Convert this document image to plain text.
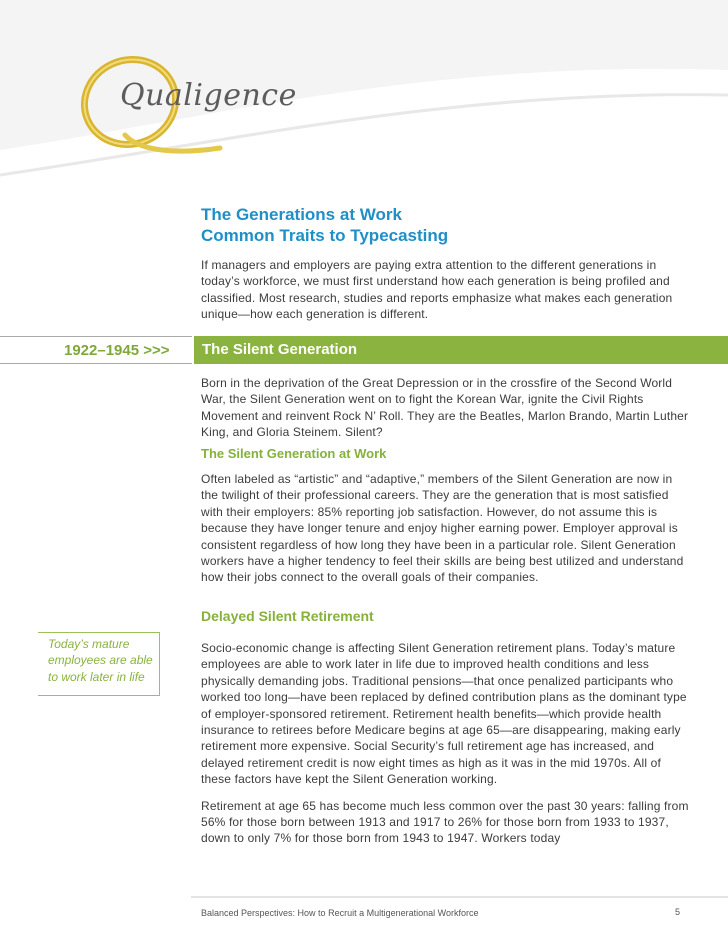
Qualigence
The Generations at Work
Common Traits to Typecasting

If managers and employers are paying extra attention to the different generations in today’s workforce, we must first understand how each generation is being profiled and classified. Most research, studies and reports emphasize what makes each generation unique—how each generation is different.

1922–1945 >>> The Silent Generation

Born in the deprivation of the Great Depression or in the crossfire of the Second World War, the Silent Generation went on to fight the Korean War, ignite the Civil Rights Movement and reinvent Rock N’ Roll. They are the Beatles, Marlon Brando, Martin Luther King, and Gloria Steinem. Silent?

The Silent Generation at Work

Often labeled as “artistic” and “adaptive,” members of the Silent Generation are now in the twilight of their professional careers. They are the generation that is most satisfied with their employers: 85% reporting job satisfaction. However, do not assume this is because they have longer tenure and enjoy higher earning power. Employer approval is consistent regardless of how long they have been in a particular role. Silent Generation workers have a higher tendency to feel their skills are being best utilized and understand how their jobs connect to the overall goals of their companies.

Delayed Silent Retirement

Socio-economic change is affecting Silent Generation retirement plans. Today’s mature employees are able to work later in life due to improved health conditions and less physically demanding jobs. Traditional pensions—that once penalized participants who worked too long—have been replaced by defined contribution plans as the dominant type of employer-sponsored retirement. Retirement health benefits—which provide health insurance to retirees before Medicare begins at age 65—are disappearing, making early retirement more expensive. Social Security’s full retirement age has increased, and delayed retirement credit is now eight times as high as it was in the mid 1970s. All of these factors have kept the Silent Generation working.

Retirement at age 65 has become much less common over the past 30 years: falling from 56% for those born between 1913 and 1917 to 26% for those born from 1933 to 1937, down to only 7% for those born from 1943 to 1947. Workers today

Today’s mature employees are able to work later in life
Balanced Perspectives: How to Recruit a Multigenerational Workforce	5
